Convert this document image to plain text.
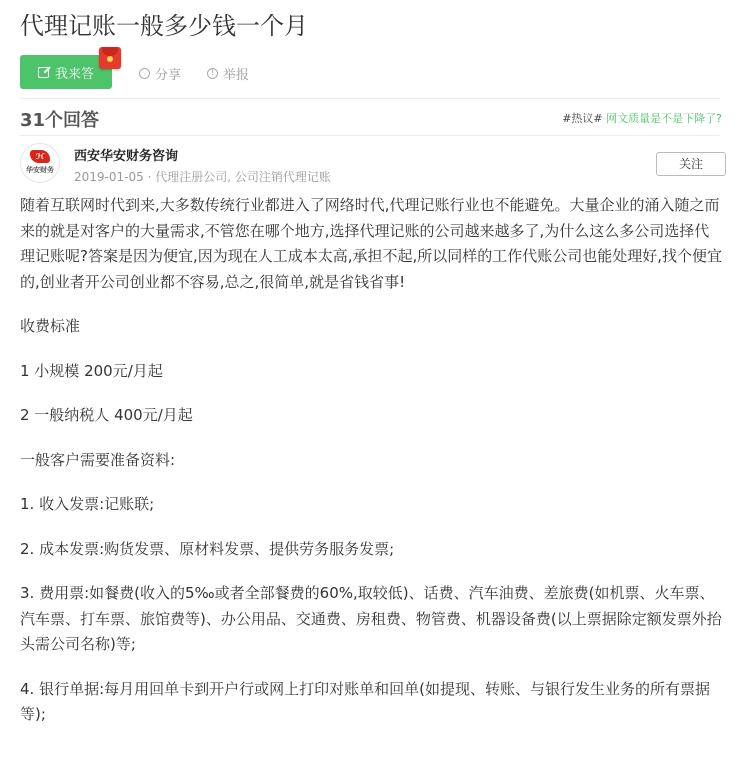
代理记账一般多少钱一个月
我来答	分享	! 举报
31个回答	#热议# 网文质量是不是下降了?
ℋ
华安财务
西安华安财务咨询
2019-01-05 · 代理注册公司, 公司注销代理记账
关注

随着互联网时代到来,大多数传统行业都进入了网络时代,代理记账行业也不能避免。大量企业的涌入随之而来的就是对客户的大量需求,不管您在哪个地方,选择代理记账的公司越来越多了,为什么这么多公司选择代理记账呢?答案是因为便宜,因为现在人工成本太高,承担不起,所以同样的工作代账公司也能处理好,找个便宜的,创业者开公司创业都不容易,总之,很简单,就是省钱省事!

收费标准

1 小规模 200元/月起

2 一般纳税人 400元/月起

一般客户需要准备资料:

1. 收入发票:记账联;

2. 成本发票:购货发票、原材料发票、提供劳务服务发票;

3. 费用票:如餐费(收入的5‰或者全部餐费的60%,取较低)、话费、汽车油费、差旅费(如机票、火车票、汽车票、打车票、旅馆费等)、办公用品、交通费、房租费、物管费、机器设备费(以上票据除定额发票外抬头需公司名称)等;

4. 银行单据:每月用回单卡到开户行或网上打印对账单和回单(如提现、转账、与银行发生业务的所有票据等);
